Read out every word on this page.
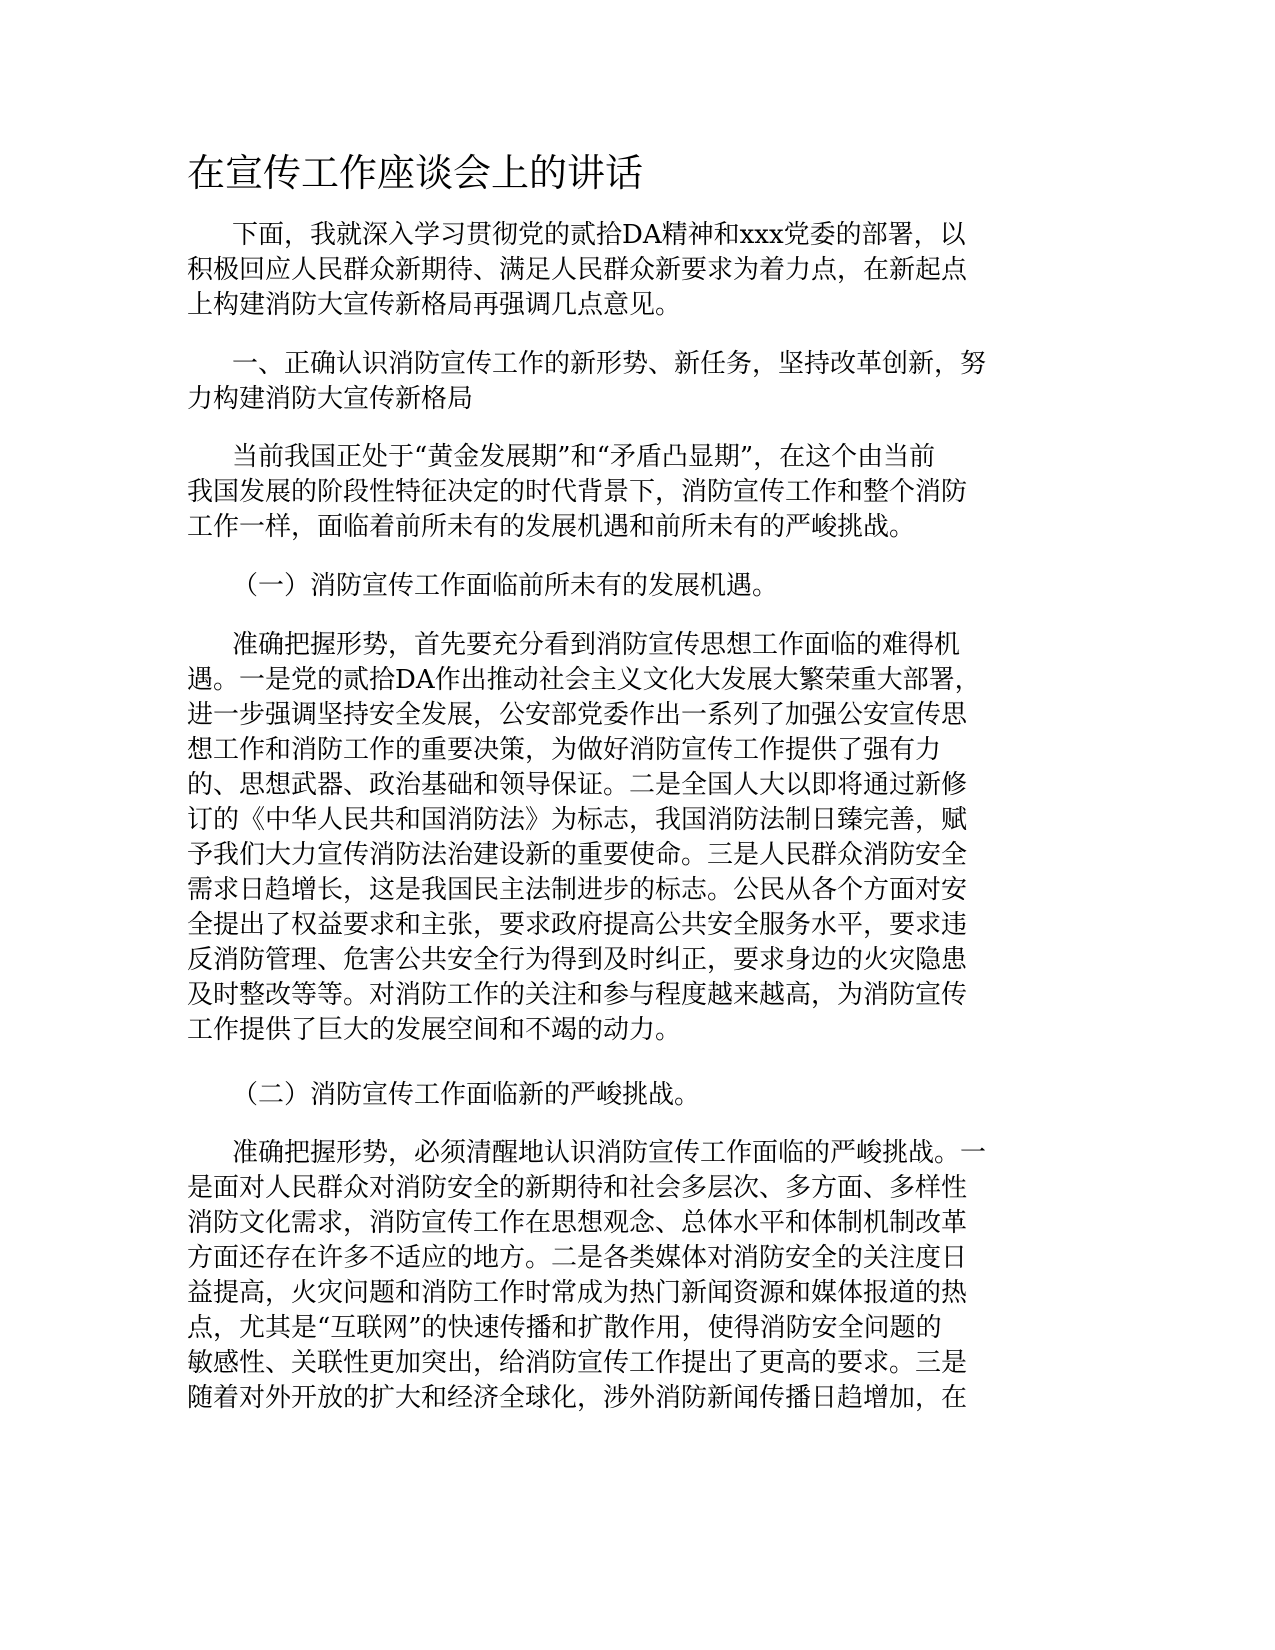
在宣传工作座谈会上的讲话

下面，我就深入学习贯彻党的贰拾DA精神和xxx党委的部署，以
积极回应人民群众新期待、满足人民群众新要求为着力点，在新起点
上构建消防大宣传新格局再强调几点意见。

一、正确认识消防宣传工作的新形势、新任务，坚持改革创新，努
力构建消防大宣传新格局

当前我国正处于“黄金发展期”和“矛盾凸显期”，在这个由当前
我国发展的阶段性特征决定的时代背景下，消防宣传工作和整个消防
工作一样，面临着前所未有的发展机遇和前所未有的严峻挑战。

（一）消防宣传工作面临前所未有的发展机遇。

准确把握形势，首先要充分看到消防宣传思想工作面临的难得机
遇。一是党的贰拾DA作出推动社会主义文化大发展大繁荣重大部署，
进一步强调坚持安全发展，公安部党委作出一系列了加强公安宣传思
想工作和消防工作的重要决策，为做好消防宣传工作提供了强有力
的、思想武器、政治基础和领导保证。二是全国人大以即将通过新修
订的《中华人民共和国消防法》为标志，我国消防法制日臻完善，赋
予我们大力宣传消防法治建设新的重要使命。三是人民群众消防安全
需求日趋增长，这是我国民主法制进步的标志。公民从各个方面对安
全提出了权益要求和主张，要求政府提高公共安全服务水平，要求违
反消防管理、危害公共安全行为得到及时纠正，要求身边的火灾隐患
及时整改等等。对消防工作的关注和参与程度越来越高，为消防宣传
工作提供了巨大的发展空间和不竭的动力。

（二）消防宣传工作面临新的严峻挑战。

准确把握形势，必须清醒地认识消防宣传工作面临的严峻挑战。一
是面对人民群众对消防安全的新期待和社会多层次、多方面、多样性
消防文化需求，消防宣传工作在思想观念、总体水平和体制机制改革
方面还存在许多不适应的地方。二是各类媒体对消防安全的关注度日
益提高，火灾问题和消防工作时常成为热门新闻资源和媒体报道的热
点，尤其是“互联网”的快速传播和扩散作用，使得消防安全问题的
敏感性、关联性更加突出，给消防宣传工作提出了更高的要求。三是
随着对外开放的扩大和经济全球化，涉外消防新闻传播日趋增加，在
